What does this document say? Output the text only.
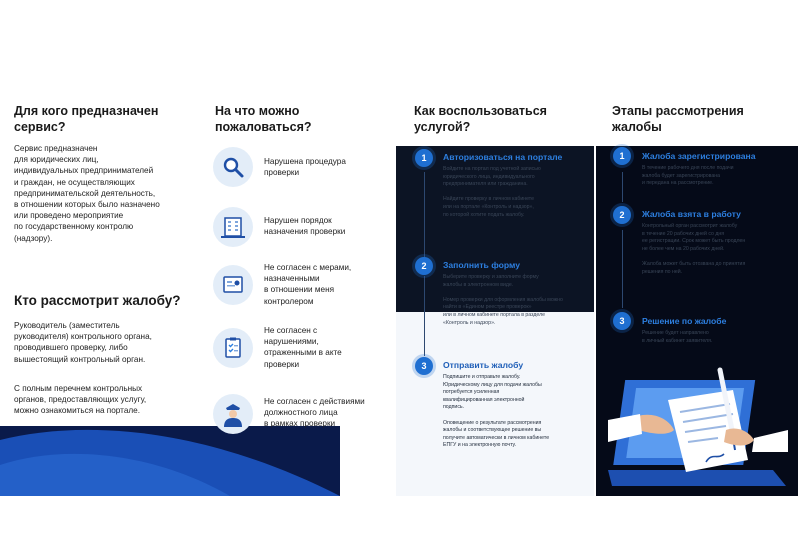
Для кого предназначен сервис?
Сервис предназначен
для юридических лиц,
индивидуальных предпринимателей
и граждан, не осуществляющих
предпринимательской деятельность,
в отношении которых было назначено
или проведено мероприятие
по государственному контролю
(надзору).
Кто рассмотрит жалобу?
Руководитель (заместитель
руководителя) контрольного органа,
проводившего проверку, либо
вышестоящий контрольный орган.
С полным перечнем контрольных
органов, предоставляющих услугу,
можно ознакомиться на портале.
На что можно
пожаловаться?
Нарушена процедура
проверки
Нарушен порядок
назначения проверки
Не согласен с мерами,
назначенными
в отношении меня
контролером
Не согласен с
нарушениями,
отраженными в акте
проверки
Не согласен с действиями
должностного лица
в рамках проверки
Как воспользоваться услугой?
1	Авторизоваться на портале
Войдите на портал под учетной записью
юридического лица, индивидуального
предпринимателя или гражданина.

Найдите проверку в личном кабинете
или на портале «Контроль и надзор»,
по которой хотите подать жалобу.
2	Заполнить форму
Выберите проверку и заполните форму
жалобы в электронном виде.

Номер проверки для оформления жалобы можно
найти в «Едином реестре проверок»
или в личном кабинете портала в разделе
«Контроль и надзор».
3	Отправить жалобу
Подпишите и отправьте жалобу.
Юридическому лицу для подачи жалобы
потребуется усиленная
квалифицированная электронной
подпись.

Оповещение о результате рассмотрения
жалобы и соответствующее решение вы
получите автоматически в личном кабинете
ЕПГУ и на электронную почту.
Этапы рассмотрения
жалобы
1	Жалоба зарегистрирована
В течение рабочего дня после подачи
жалоба будет зарегистрирована
и передана на рассмотрение.
2	Жалоба взята в работу
Контрольный орган рассмотрит жалобу
в течение 20 рабочих дней со дня
ее регистрации. Срок может быть продлен
не более чем на 20 рабочих дней.

Жалоба может быть отозвана до принятия
решения по ней.
3	Решение по жалобе
Решение будет направлено
в личный кабинет заявителя.
